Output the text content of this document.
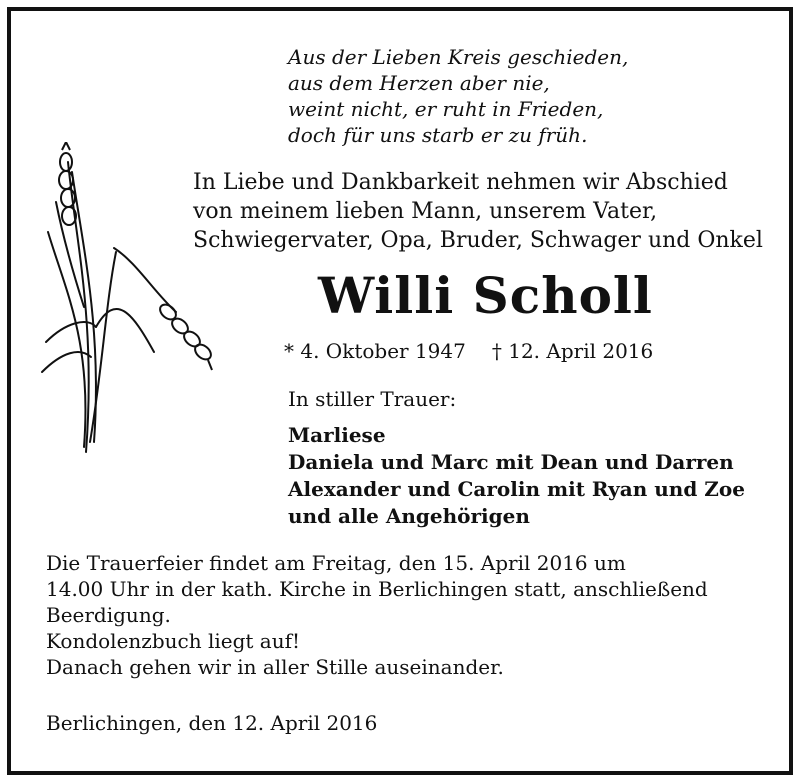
Aus der Lieben Kreis geschieden,
aus dem Herzen aber nie,
weint nicht, er ruht in Frieden,
doch für uns starb er zu früh.
In Liebe und Dankbarkeit nehmen wir Abschied
von meinem lieben Mann, unserem Vater,
Schwiegervater, Opa, Bruder, Schwager und Onkel
Willi Scholl
* 4. Oktober 1947 † 12. April 2016
In stiller Trauer:
Marliese
Daniela und Marc mit Dean und Darren
Alexander und Carolin mit Ryan und Zoe
und alle Angehörigen
Die Trauerfeier findet am Freitag, den 15. April 2016 um
14.00 Uhr in der kath. Kirche in Berlichingen statt, anschließend
Beerdigung.
Kondolenzbuch liegt auf!
Danach gehen wir in aller Stille auseinander.
Berlichingen, den 12. April 2016
